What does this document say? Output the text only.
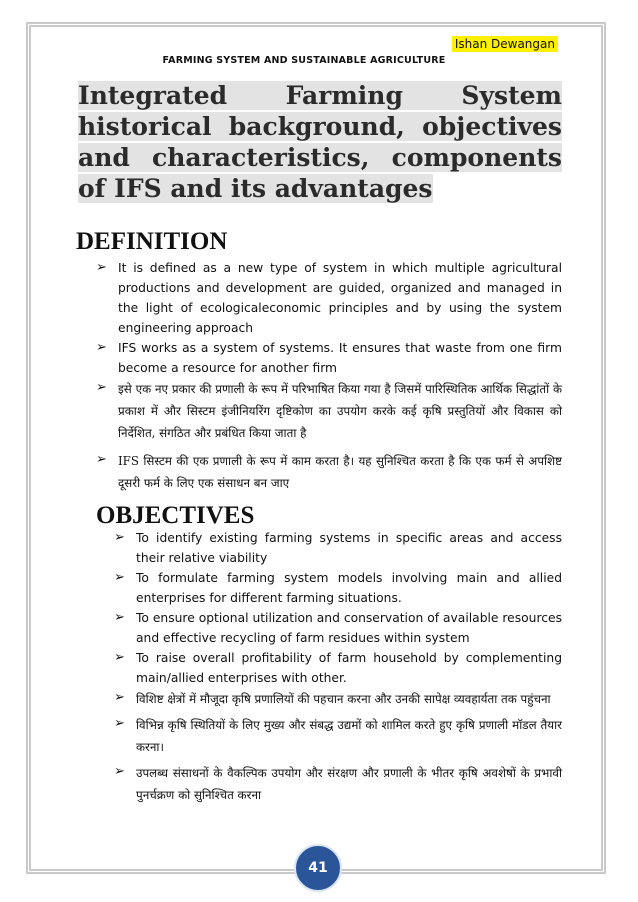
Ishan Dewangan
FARMING SYSTEM AND SUSTAINABLE AGRICULTURE
Integrated Farming System historical background, objectives and characteristics, components of IFS and its advantages
DEFINITION
➢ It is defined as a new type of system in which multiple agricultural productions and development are guided, organized and managed in the light of ecologicaleconomic principles and by using the system engineering approach
➢ IFS works as a system of systems. It ensures that waste from one firm become a resource for another firm
➢ इसे एक नए प्रकार की प्रणाली के रूप में परिभाषित किया गया है जिसमें पारिस्थितिक आर्थिक सिद्धांतों के प्रकाश में और सिस्टम इंजीनियरिंग दृष्टिकोण का उपयोग करके कई कृषि प्रस्तुतियों और विकास को निर्देशित, संगठित और प्रबंधित किया जाता है
➢ IFS सिस्टम की एक प्रणाली के रूप में काम करता है। यह सुनिश्चित करता है कि एक फर्म से अपशिष्ट दूसरी फर्म के लिए एक संसाधन बन जाए
OBJECTIVES
➢ To identify existing farming systems in specific areas and access their relative viability
➢ To formulate farming system models involving main and allied enterprises for different farming situations.
➢ To ensure optional utilization and conservation of available resources and effective recycling of farm residues within system
➢ To raise overall profitability of farm household by complementing main/allied enterprises with other.
➢ विशिष्ट क्षेत्रों में मौजूदा कृषि प्रणालियों की पहचान करना और उनकी सापेक्ष व्यवहार्यता तक पहुंचना
➢ विभिन्न कृषि स्थितियों के लिए मुख्य और संबद्ध उद्यमों को शामिल करते हुए कृषि प्रणाली मॉडल तैयार करना।
➢ उपलब्ध संसाधनों के वैकल्पिक उपयोग और संरक्षण और प्रणाली के भीतर कृषि अवशेषों के प्रभावी पुनर्चक्रण को सुनिश्चित करना
41
